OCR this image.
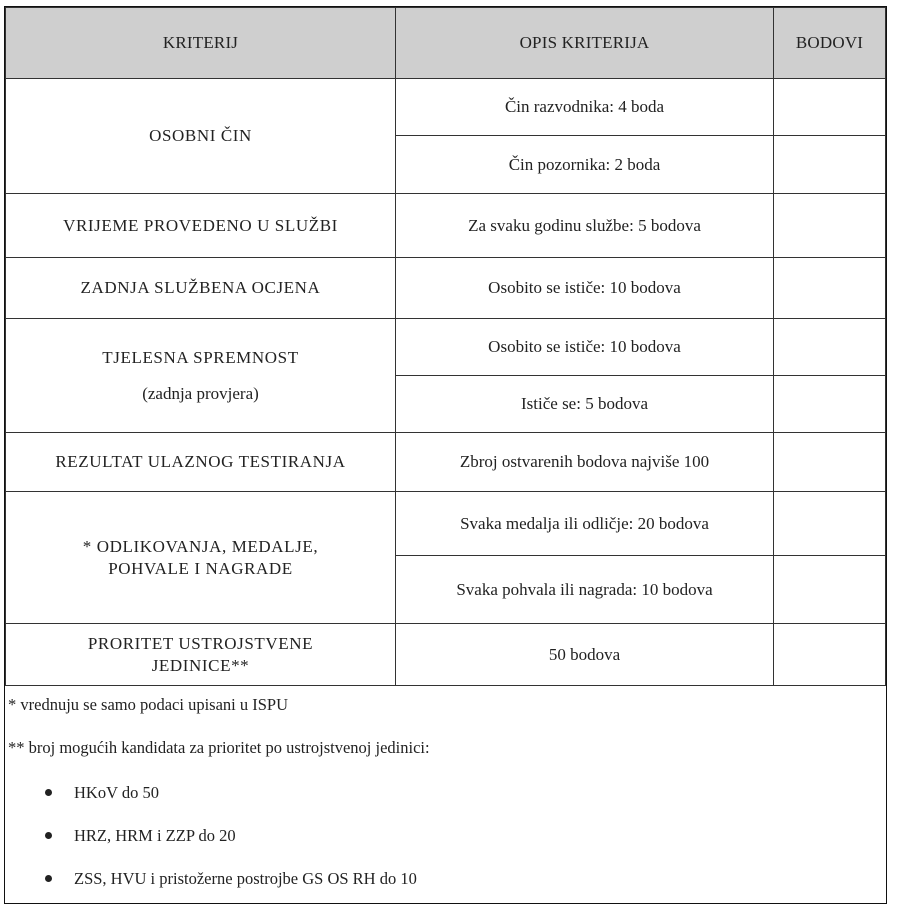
KRITERIJ	OPIS KRITERIJA	BODOVI
OSOBNI ČIN	Čin razvodnika: 4 boda	
	Čin pozornika: 2 boda	
VRIJEME PROVEDENO U SLUŽBI	Za svaku godinu službe: 5 bodova	
ZADNJA SLUŽBENA OCJENA	Osobito se ističe: 10 bodova	

TJELESNA SPREMNOST
(zadnja provjera)	Osobito se ističe: 10 bodova	
	Ističe se: 5 bodova	
REZULTAT ULAZNOG TESTIRANJA	Zbroj ostvarenih bodova najviše 100	

* ODLIKOVANJA, MEDALJE,
POHVALE I NAGRADE	Svaka medalja ili odličje: 20 bodova	
	Svaka pohvala ili nagrada: 10 bodova	

PRORITET USTROJSTVENE
JEDINICE**	50 bodova	
* vrednuju se samo podaci upisani u ISPU
** broj mogućih kandidata za prioritet po ustrojstvenoj jedinici:
HKoV do 50
HRZ, HRM i ZZP do 20
ZSS, HVU i pristožerne postrojbe GS OS RH do 10
